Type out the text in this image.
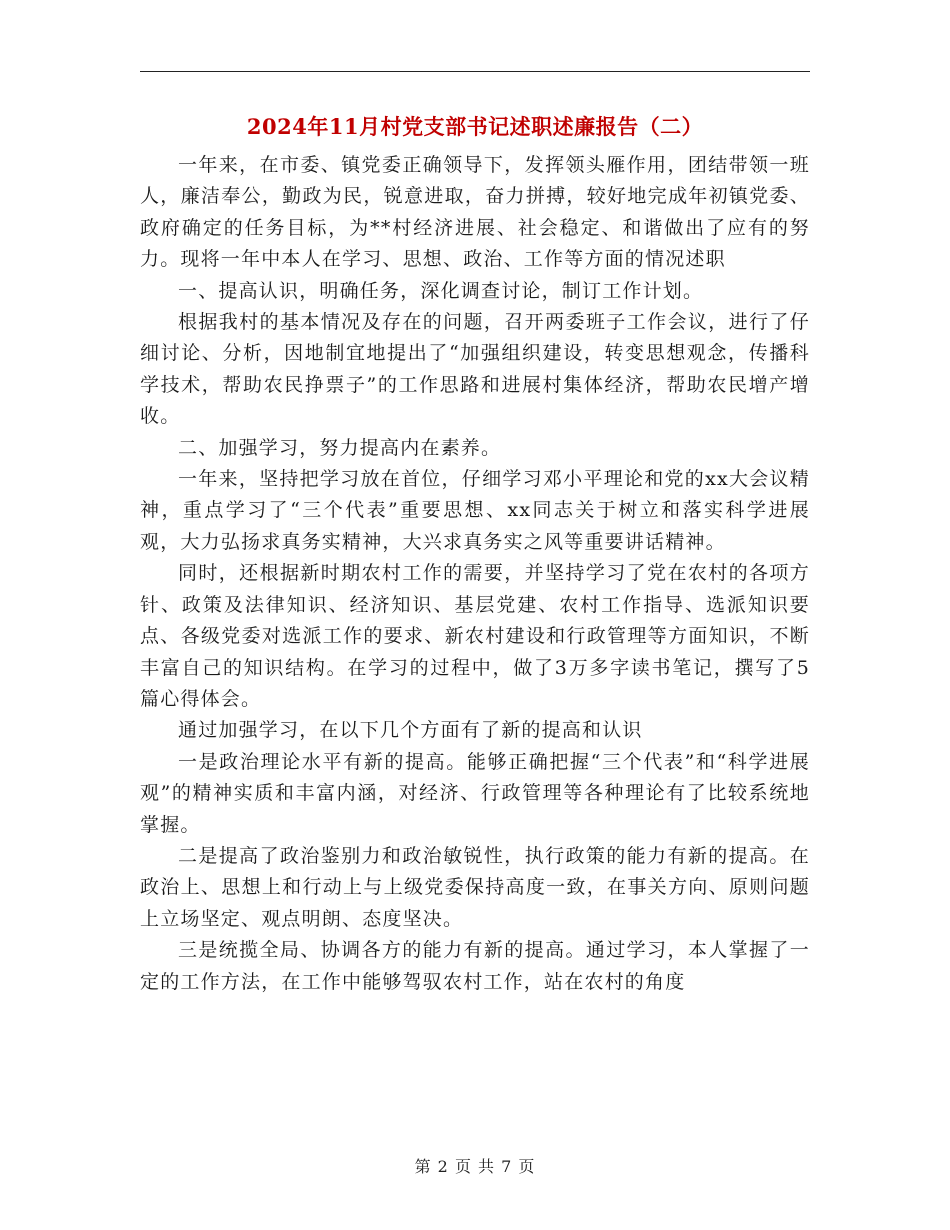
2024年11月村党支部书记述职述廉报告（二）

一年来，在市委、镇党委正确领导下，发挥领头雁作用，团结带领一班人，廉洁奉公，勤政为民，锐意进取，奋力拼搏，较好地完成年初镇党委、政府确定的任务目标，为**村经济进展、社会稳定、和谐做出了应有的努力。现将一年中本人在学习、思想、政治、工作等方面的情况述职

一、提高认识，明确任务，深化调查讨论，制订工作计划。

根据我村的基本情况及存在的问题，召开两委班子工作会议，进行了仔细讨论、分析，因地制宜地提出了“加强组织建设，转变思想观念，传播科学技术，帮助农民挣票子”的工作思路和进展村集体经济，帮助农民增产增收。

二、加强学习，努力提高内在素养。

一年来，坚持把学习放在首位，仔细学习邓小平理论和党的xx大会议精神，重点学习了“三个代表”重要思想、xx同志关于树立和落实科学进展观，大力弘扬求真务实精神，大兴求真务实之风等重要讲话精神。

同时，还根据新时期农村工作的需要，并坚持学习了党在农村的各项方针、政策及法律知识、经济知识、基层党建、农村工作指导、选派知识要点、各级党委对选派工作的要求、新农村建设和行政管理等方面知识，不断丰富自己的知识结构。在学习的过程中，做了3万多字读书笔记，撰写了5篇心得体会。

通过加强学习，在以下几个方面有了新的提高和认识

一是政治理论水平有新的提高。能够正确把握“三个代表”和“科学进展观”的精神实质和丰富内涵，对经济、行政管理等各种理论有了比较系统地掌握。

二是提高了政治鉴别力和政治敏锐性，执行政策的能力有新的提高。在政治上、思想上和行动上与上级党委保持高度一致，在事关方向、原则问题上立场坚定、观点明朗、态度坚决。

三是统揽全局、协调各方的能力有新的提高。通过学习，本人掌握了一定的工作方法，在工作中能够驾驭农村工作，站在农村的角度

第 2 页 共 7 页
